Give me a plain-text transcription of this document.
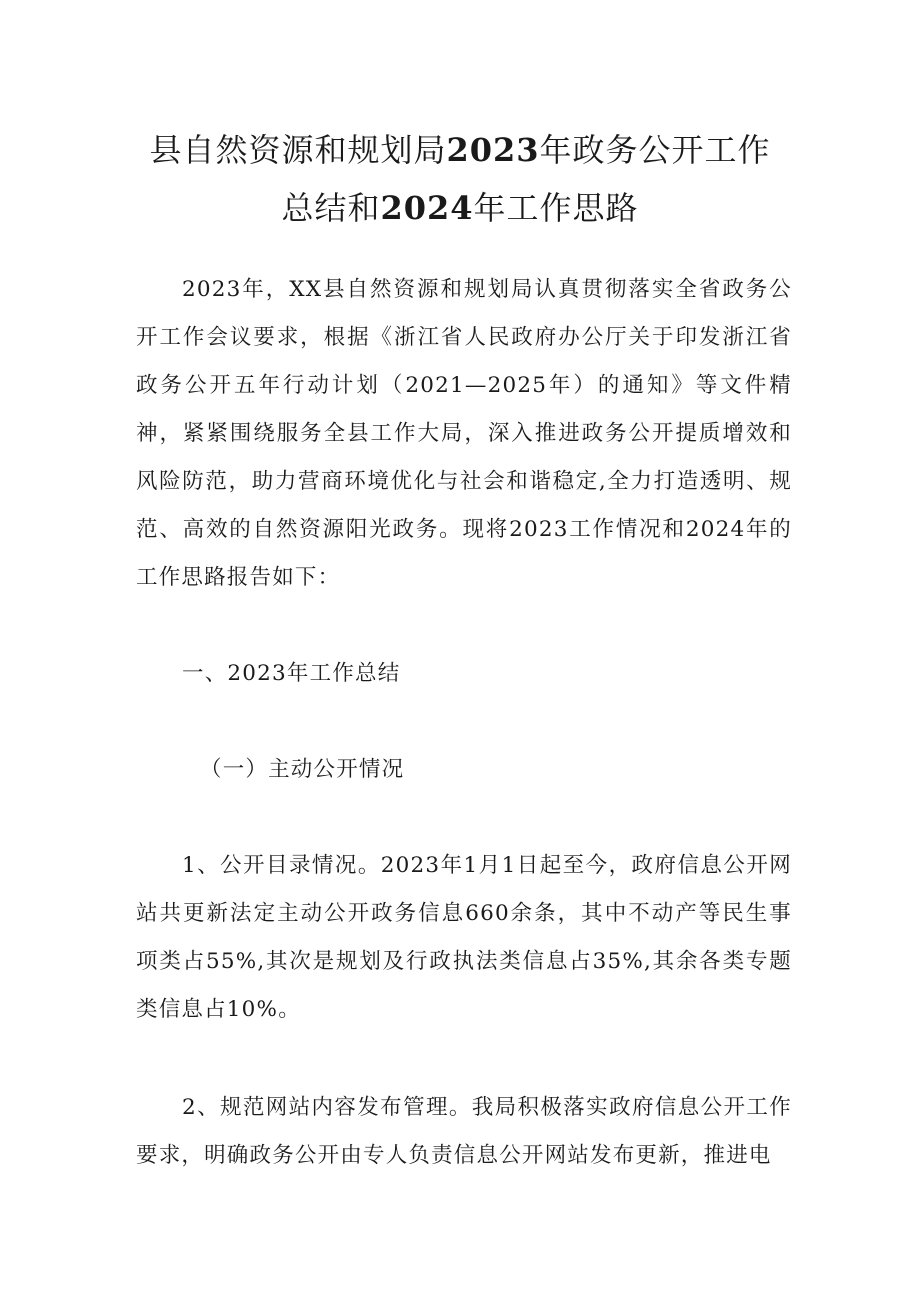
县自然资源和规划局2023年政务公开工作
总结和2024年工作思路

2023年，XX县自然资源和规划局认真贯彻落实全省政务公开工作会议要求，根据《浙江省人民政府办公厅关于印发浙江省政务公开五年行动计划（2021—2025年）的通知》等文件精神，紧紧围绕服务全县工作大局，深入推进政务公开提质增效和风险防范，助力营商环境优化与社会和谐稳定,全力打造透明、规范、高效的自然资源阳光政务。现将2023工作情况和2024年的工作思路报告如下：

一、2023年工作总结

（一）主动公开情况

1、公开目录情况。2023年1月1日起至今，政府信息公开网站共更新法定主动公开政务信息660余条，其中不动产等民生事项类占55%,其次是规划及行政执法类信息占35%,其余各类专题类信息占10%。

2、规范网站内容发布管理。我局积极落实政府信息公开工作要求，明确政务公开由专人负责信息公开网站发布更新，推进电
